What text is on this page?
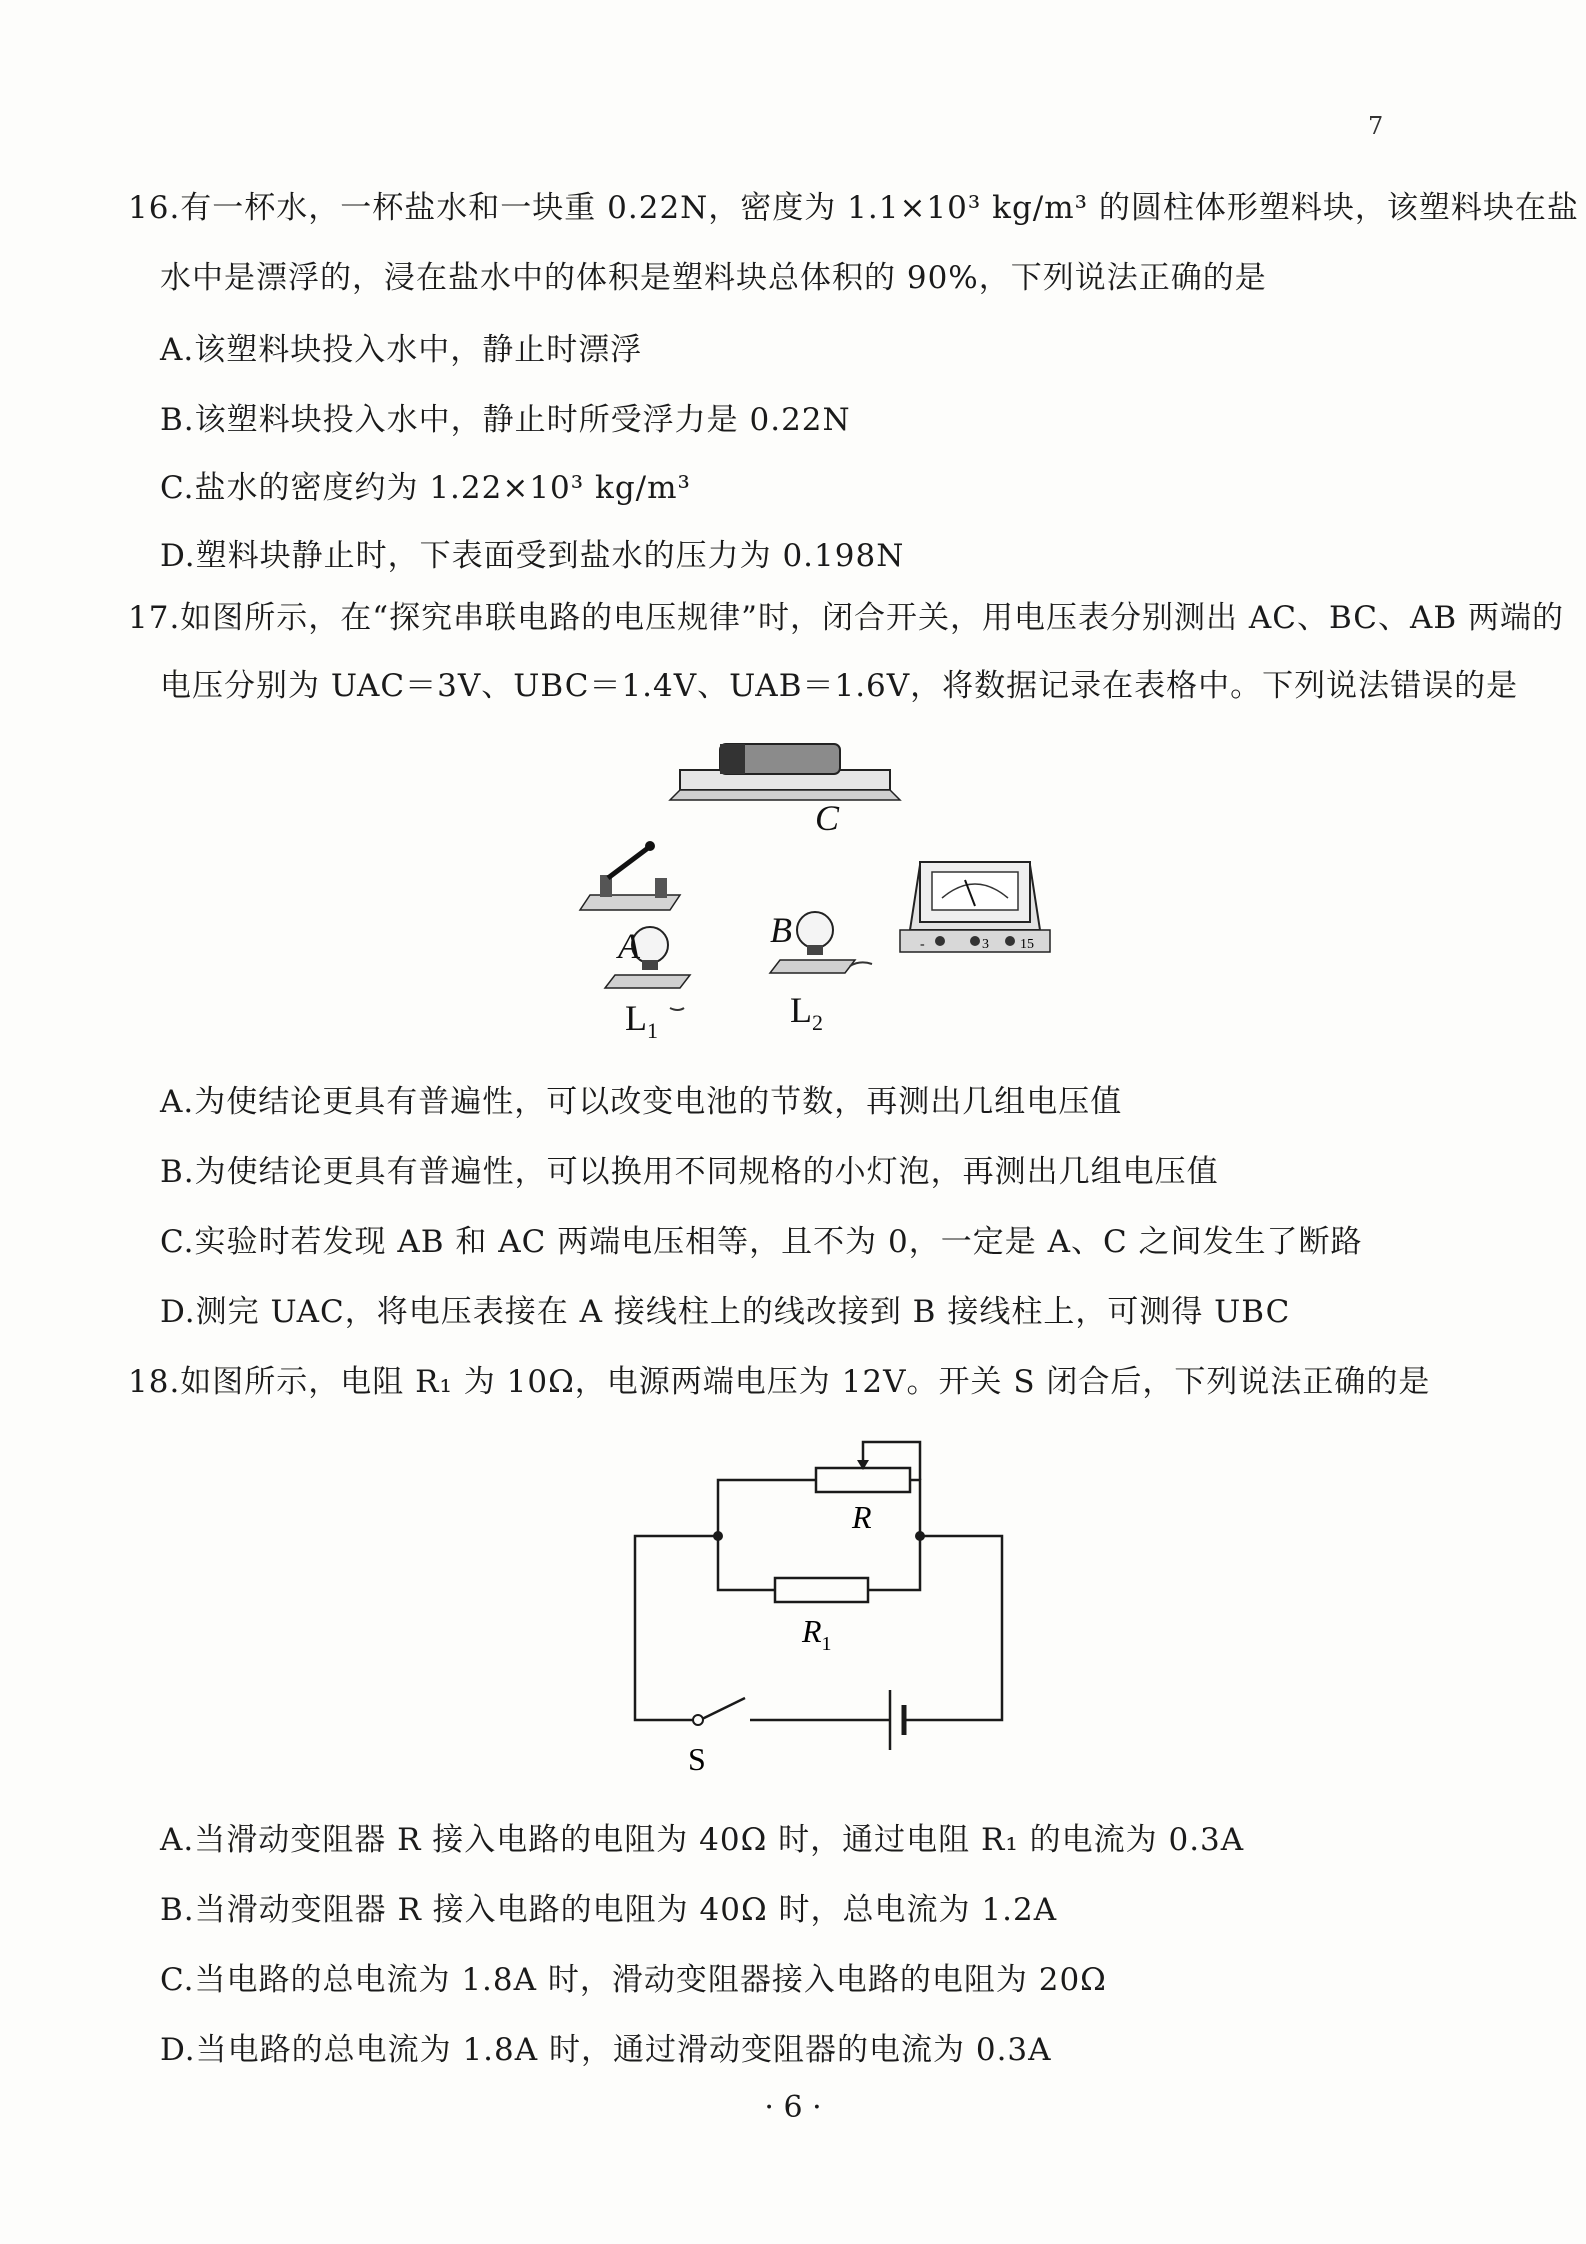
7
16.有一杯水，一杯盐水和一块重 0.22N，密度为 1.1×10³ kg/m³ 的圆柱体形塑料块，该塑料块在盐
水中是漂浮的，浸在盐水中的体积是塑料块总体积的 90%，下列说法正确的是
A.该塑料块投入水中，静止时漂浮
B.该塑料块投入水中，静止时所受浮力是 0.22N
C.盐水的密度约为 1.22×10³ kg/m³
D.塑料块静止时，下表面受到盐水的压力为 0.198N
17.如图所示，在“探究串联电路的电压规律”时，闭合开关，用电压表分别测出 AC、BC、AB 两端的
电压分别为 UAC＝3V、UBC＝1.4V、UAB＝1.6V，将数据记录在表格中。下列说法错误的是
C
A
$L_1$
B
$L_2$
-	3 15
A.为使结论更具有普遍性，可以改变电池的节数，再测出几组电压值
B.为使结论更具有普遍性，可以换用不同规格的小灯泡，再测出几组电压值
C.实验时若发现 AB 和 AC 两端电压相等，且不为 0，一定是 A、C 之间发生了断路
D.测完 UAC，将电压表接在 A 接线柱上的线改接到 B 接线柱上，可测得 UBC
18.如图所示，电阻 R₁ 为 10Ω，电源两端电压为 12V。开关 S 闭合后，下列说法正确的是
R
$R_1$
S
A.当滑动变阻器 R 接入电路的电阻为 40Ω 时，通过电阻 R₁ 的电流为 0.3A
B.当滑动变阻器 R 接入电路的电阻为 40Ω 时，总电流为 1.2A
C.当电路的总电流为 1.8A 时，滑动变阻器接入电路的电阻为 20Ω
D.当电路的总电流为 1.8A 时，通过滑动变阻器的电流为 0.3A
· 6 ·
